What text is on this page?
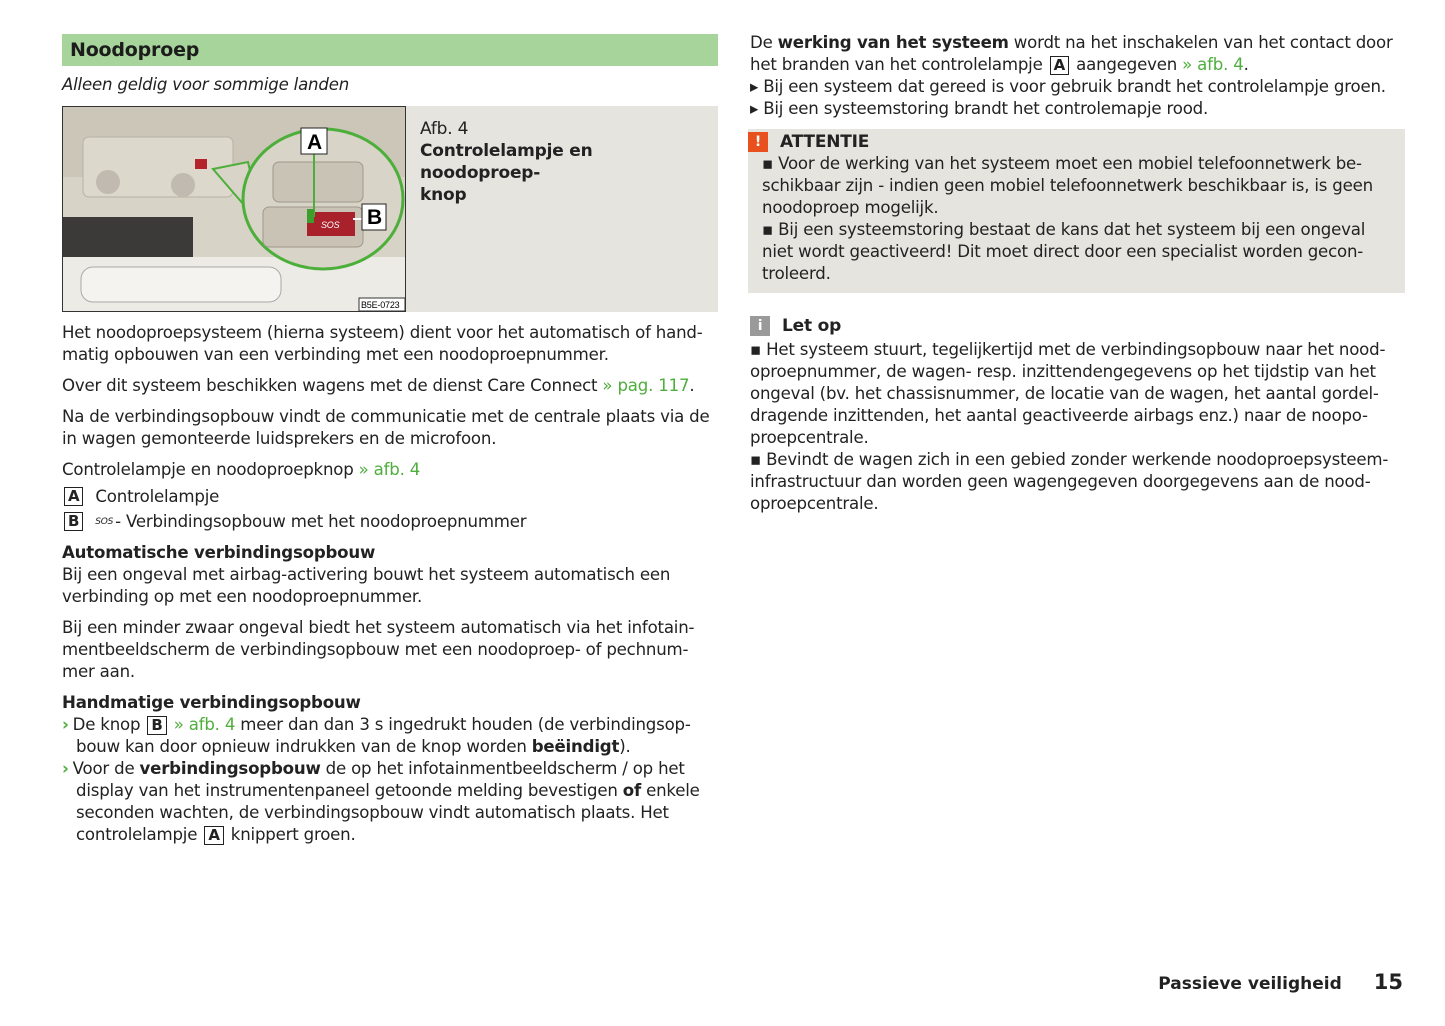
Noodoproep
Alleen geldig voor sommige landen
SOS
A
B
B5E-0723
Afb. 4
Controlelampje en noodoproep-
knop
Het noodoproepsysteem (hierna systeem) dient voor het automatisch of hand-
matig opbouwen van een verbinding met een noodoproepnummer.
Over dit systeem beschikken wagens met de dienst Care Connect » pag. 117.
Na de verbindingsopbouw vindt de communicatie met de centrale plaats via de
in wagen gemonteerde luidsprekers en de microfoon.
Controlelampje en noodoproepknop » afb. 4
A Controlelampje
B	SOS - Verbindingsopbouw met het noodoproepnummer
Automatische verbindingsopbouw
Bij een ongeval met airbag-activering bouwt het systeem automatisch een
verbinding op met een noodoproepnummer.
Bij een minder zwaar ongeval biedt het systeem automatisch via het infotain-
mentbeeldscherm de verbindingsopbouw met een noodoproep- of pechnum-
mer aan.
Handmatige verbindingsopbouw
› De knop B » afb. 4 meer dan dan 3 s ingedrukt houden (de verbindingsop-
bouw kan door opnieuw indrukken van de knop worden beëindigt).
› Voor de verbindingsopbouw de op het infotainmentbeeldscherm / op het
display van het instrumentenpaneel getoonde melding bevestigen of enkele
seconden wachten, de verbindingsopbouw vindt automatisch plaats. Het
controlelampje A knippert groen.
De werking van het systeem wordt na het inschakelen van het contact door
het branden van het controlelampje A aangegeven » afb. 4.
▸ Bij een systeem dat gereed is voor gebruik brandt het controlelampje groen.
▸ Bij een systeemstoring brandt het controlemapje rood.
!	ATTENTIE
▪ Voor de werking van het systeem moet een mobiel telefoonnetwerk be-
schikbaar zijn - indien geen mobiel telefoonnetwerk beschikbaar is, is geen
noodoproep mogelijk.
▪ Bij een systeemstoring bestaat de kans dat het systeem bij een ongeval
niet wordt geactiveerd! Dit moet direct door een specialist worden gecon-
troleerd.
i	Let op
▪ Het systeem stuurt, tegelijkertijd met de verbindingsopbouw naar het nood-
oproepnummer, de wagen- resp. inzittendengegevens op het tijdstip van het
ongeval (bv. het chassisnummer, de locatie van de wagen, het aantal gordel-
dragende inzittenden, het aantal geactiveerde airbags enz.) naar de noopo-
proepcentrale.
▪ Bevindt de wagen zich in een gebied zonder werkende noodoproepsysteem-
infrastructuur dan worden geen wagengegeven doorgegevens aan de nood-
oproepcentrale.
Passieve veiligheid 15
